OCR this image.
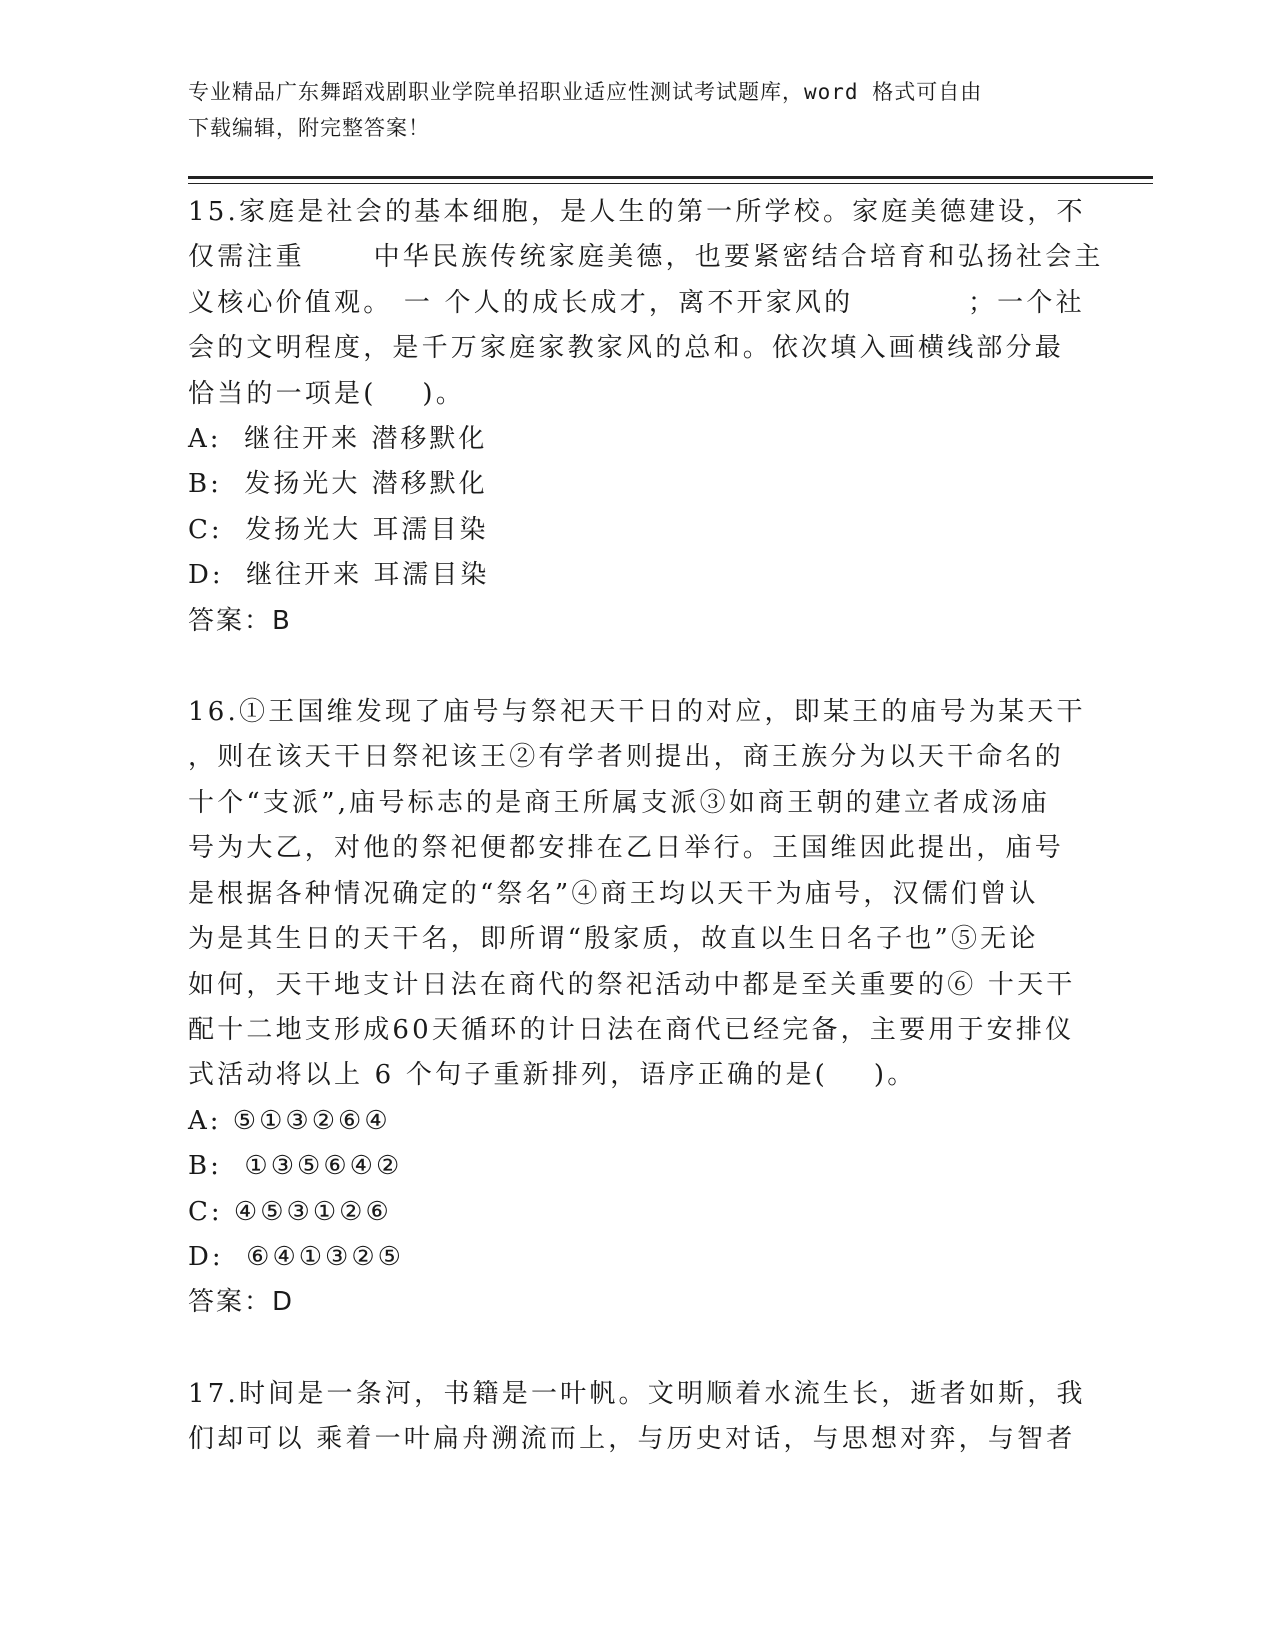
专业精品广东舞蹈戏剧职业学院单招职业适应性测试考试题库，word 格式可自由
下载编辑，附完整答案！

15.家庭是社会的基本细胞，是人生的第一所学校。家庭美德建设，不

仅需注重      中华民族传统家庭美德，也要紧密结合培育和弘扬社会主

义核心价值观。 一 个人的成长成才，离不开家风的          ；一个社

会的文明程度，是千万家庭家教家风的总和。依次填入画横线部分最

恰当的一项是(    )。

A:  继往开来 潜移默化

B:  发扬光大 潜移默化

C:  发扬光大 耳濡目染

D:  继往开来 耳濡目染

答案：B

16.①王国维发现了庙号与祭祀天干日的对应，即某王的庙号为某天干

，则在该天干日祭祀该王②有学者则提出，商王族分为以天干命名的

十个“支派”,庙号标志的是商王所属支派③如商王朝的建立者成汤庙

号为大乙，对他的祭祀便都安排在乙日举行。王国维因此提出，庙号

是根据各种情况确定的“祭名”④商王均以天干为庙号，汉儒们曾认

为是其生日的天干名，即所谓“殷家质，故直以生日名子也”⑤无论

如何，天干地支计日法在商代的祭祀活动中都是至关重要的⑥ 十天干

配十二地支形成60天循环的计日法在商代已经完备，主要用于安排仪

式活动将以上 6 个句子重新排列，语序正确的是(    )。

A: ⑤①③②⑥④

B:  ①③⑤⑥④②

C: ④⑤③①②⑥

D:  ⑥④①③②⑤

答案：D

17.时间是一条河，书籍是一叶帆。文明顺着水流生长，逝者如斯，我

们却可以 乘着一叶扁舟溯流而上，与历史对话，与思想对弈，与智者
